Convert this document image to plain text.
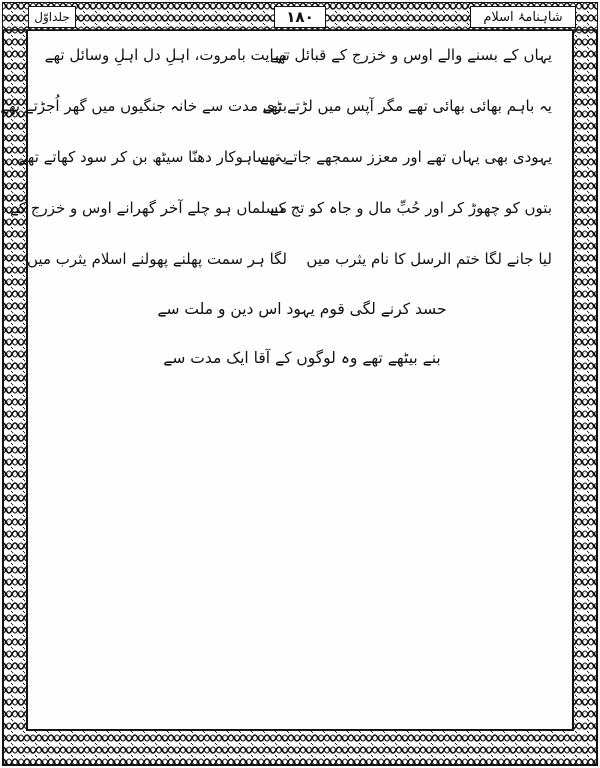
شاہنامۂ اسلام
۱۸۰
جلداوّل
یہاں کے بسنے والے اوس و خزرج کے قبائل تھے
نہایت بامروت، اہلِ دل اہلِ وسائل تھے
یہ باہم بھائی بھائی تھے مگر آپس میں لڑتے تھے
بڑی مدت سے خانہ جنگیوں میں گھر اُجڑتے تھے
یہودی بھی یہاں تھے اور معزز سمجھے جاتے تھے
یہ ساہوکار دھنّا سیٹھ بن کر سود کھاتے تھے
بتوں کو چھوڑ کر اور حُبِّ مال و جاہ کو تج کے
مسلماں ہو چلے آخر گھرانے اوس و خزرج کے
لیا جانے لگا ختم الرسل کا نام یثرب میں
لگا ہر سمت پھلنے پھولنے اسلام یثرب میں
حسد کرنے لگی قوم یہود اس دین و ملت سے
بنے بیٹھے تھے وہ لوگوں کے آقا ایک مدت سے
